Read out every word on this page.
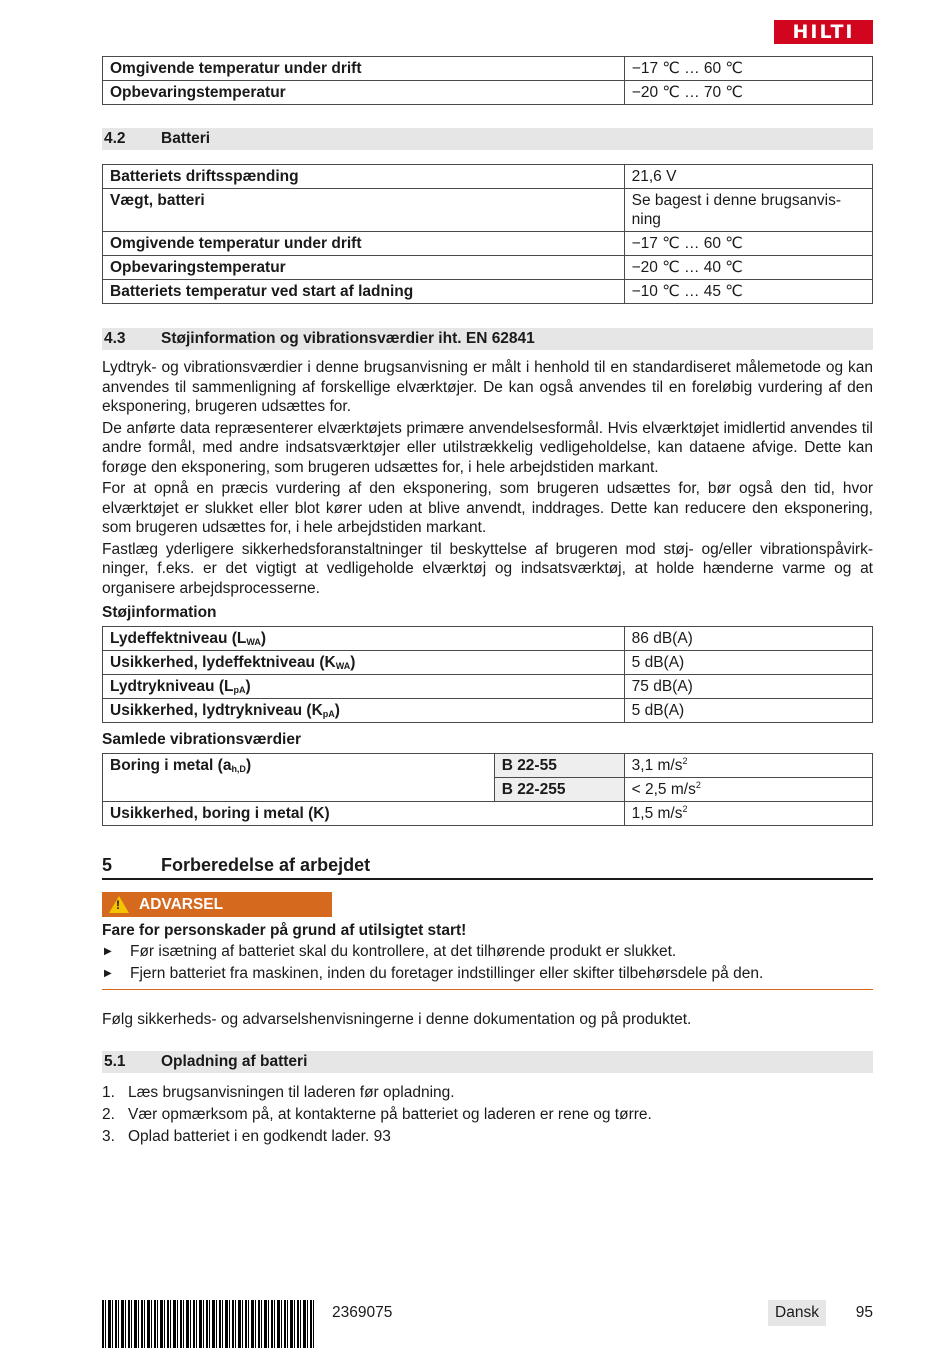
HILTI
Omgivende temperatur under drift	−17 ℃ … 60 ℃
Opbevaringstemperatur	−20 ℃ … 70 ℃
4.2	Batteri
Batteriets driftsspænding	21,6 V
Vægt, batteri	Se bagest i denne brugsanvisning
Omgivende temperatur under drift	−17 ℃ … 60 ℃
Opbevaringstemperatur	−20 ℃ … 40 ℃
Batteriets temperatur ved start af ladning	−10 ℃ … 45 ℃
4.3	Støjinformation og vibrationsværdier iht. EN 62841

Lydtryk- og vibrationsværdier i denne brugsanvisning er målt i henhold til en standardiseret målemetode og kan anvendes til sammenligning af forskellige elværktøjer. De kan også anvendes til en foreløbig vurdering af den eksponering, brugeren udsættes for.

De anførte data repræsenterer elværktøjets primære anvendelsesformål. Hvis elværktøjet imidlertid anvendes til andre formål, med andre indsatsværktøjer eller utilstrækkelig vedligeholdelse, kan dataene afvige. Dette kan forøge den eksponering, som brugeren udsættes for, i hele arbejdstiden markant.

For at opnå en præcis vurdering af den eksponering, som brugeren udsættes for, bør også den tid, hvor elværktøjet er slukket eller blot kører uden at blive anvendt, inddrages. Dette kan reducere den eksponering, som brugeren udsættes for, i hele arbejdstiden markant.

Fastlæg yderligere sikkerhedsforanstaltninger til beskyttelse af brugeren mod støj- og/eller vibrationspåvirkninger, f.eks. er det vigtigt at vedligeholde elværktøj og indsatsværktøj, at holde hænderne varme og at organisere arbejdsprocesserne.

Støjinformation
Lydeffektniveau $(L_{WA})$	86 dB(A)
Usikkerhed, lydeffektniveau $(K_{WA})$	5 dB(A)
Lydtrykniveau $(L_{pA})$	75 dB(A)
Usikkerhed, lydtrykniveau $(K_{pA})$	5 dB(A)
Samlede vibrationsværdier
Boring i metal $(a_{h,D})$	B 22-55	3,1 $m/s^2$
	B 22-255	< 2,5 $m/s^2$
Usikkerhed, boring i metal (K)		1,5 $m/s^2$
5	Forberedelse af arbejdet
! ADVARSEL
Fare for personskader på grund af utilsigtet start!
▶	Før isætning af batteriet skal du kontrollere, at det tilhørende produkt er slukket.
▶	Fjern batteriet fra maskinen, inden du foretager indstillinger eller skifter tilbehørsdele på den.

Følg sikkerheds- og advarselshenvisningerne i denne dokumentation og på produktet.

5.1	Opladning af batteri
1. Læs brugsanvisningen til laderen før opladning.
2. Vær opmærksom på, at kontakterne på batteriet og laderen er rene og tørre.
3. Oplad batteriet i en godkendt lader. 93
2369075	Dansk	95
